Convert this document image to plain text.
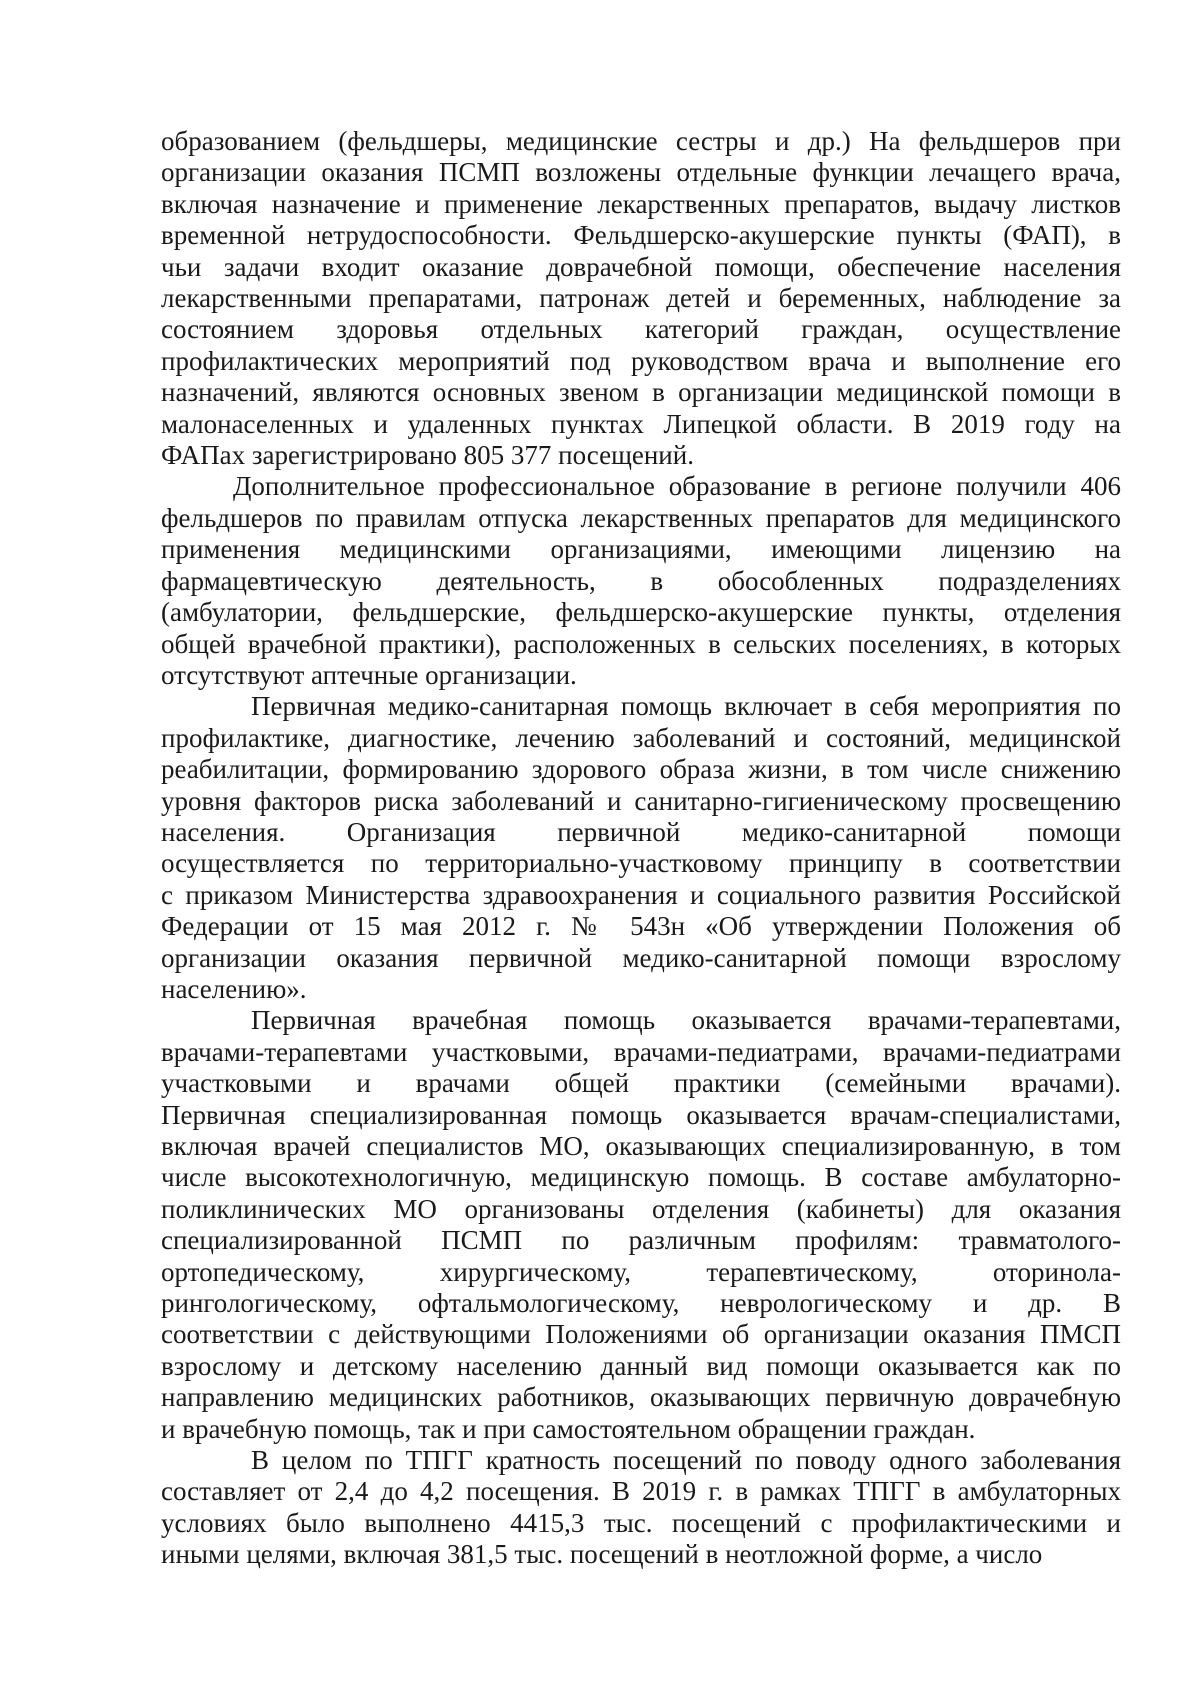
образованием (фельдшеры, медицинские сестры и др.) На фельдшеров при
организации оказания ПСМП возложены отдельные функции лечащего врача,
включая назначение и применение лекарственных препаратов, выдачу листков
временной нетрудоспособности. Фельдшерско-акушерские пункты (ФАП), в
чьи задачи входит оказание доврачебной помощи, обеспечение населения
лекарственными препаратами, патронаж детей и беременных, наблюдение за
состоянием здоровья отдельных категорий граждан, осуществление
профилактических мероприятий под руководством врача и выполнение его
назначений, являются основных звеном в организации медицинской помощи в
малонаселенных и удаленных пунктах Липецкой области. В 2019 году на
ФАПах зарегистрировано 805 377 посещений.
Дополнительное профессиональное образование в регионе получили 406
фельдшеров по правилам отпуска лекарственных препаратов для медицинского
применения медицинскими организациями, имеющими лицензию на
фармацевтическую деятельность, в обособленных подразделениях
(амбулатории, фельдшерские, фельдшерско-акушерские пункты, отделения
общей врачебной практики), расположенных в сельских поселениях, в которых
отсутствуют аптечные организации.
Первичная медико-санитарная помощь включает в себя мероприятия по
профилактике, диагностике, лечению заболеваний и состояний, медицинской
реабилитации, формированию здорового образа жизни, в том числе снижению
уровня факторов риска заболеваний и санитарно-гигиеническому просвещению
населения. Организация первичной медико-санитарной помощи
осуществляется по территориально-участковому принципу в соответствии
с приказом Министерства здравоохранения и социального развития Российской
Федерации от 15 мая 2012 г. № 543н «Об утверждении Положения об
организации оказания первичной медико-санитарной помощи взрослому
населению».
Первичная врачебная помощь оказывается врачами-терапевтами,
врачами-терапевтами участковыми, врачами-педиатрами, врачами-педиатрами
участковыми и врачами общей практики (семейными врачами).
Первичная специализированная помощь оказывается врачам-специалистами,
включая врачей специалистов МО, оказывающих специализированную, в том
числе высокотехнологичную, медицинскую помощь. В составе амбулаторно-
поликлинических МО организованы отделения (кабинеты) для оказания
специализированной ПСМП по различным профилям: травматолого-
ортопедическому, хирургическому, терапевтическому, оторинола-
рингологическому, офтальмологическому, неврологическому и др. В
соответствии с действующими Положениями об организации оказания ПМСП
взрослому и детскому населению данный вид помощи оказывается как по
направлению медицинских работников, оказывающих первичную доврачебную
и врачебную помощь, так и при самостоятельном обращении граждан.
В целом по ТПГГ кратность посещений по поводу одного заболевания
составляет от 2,4 до 4,2 посещения. В 2019 г. в рамках ТПГГ в амбулаторных
условиях было выполнено 4415,3 тыс. посещений с профилактическими и
иными целями, включая 381,5 тыс. посещений в неотложной форме, а число
